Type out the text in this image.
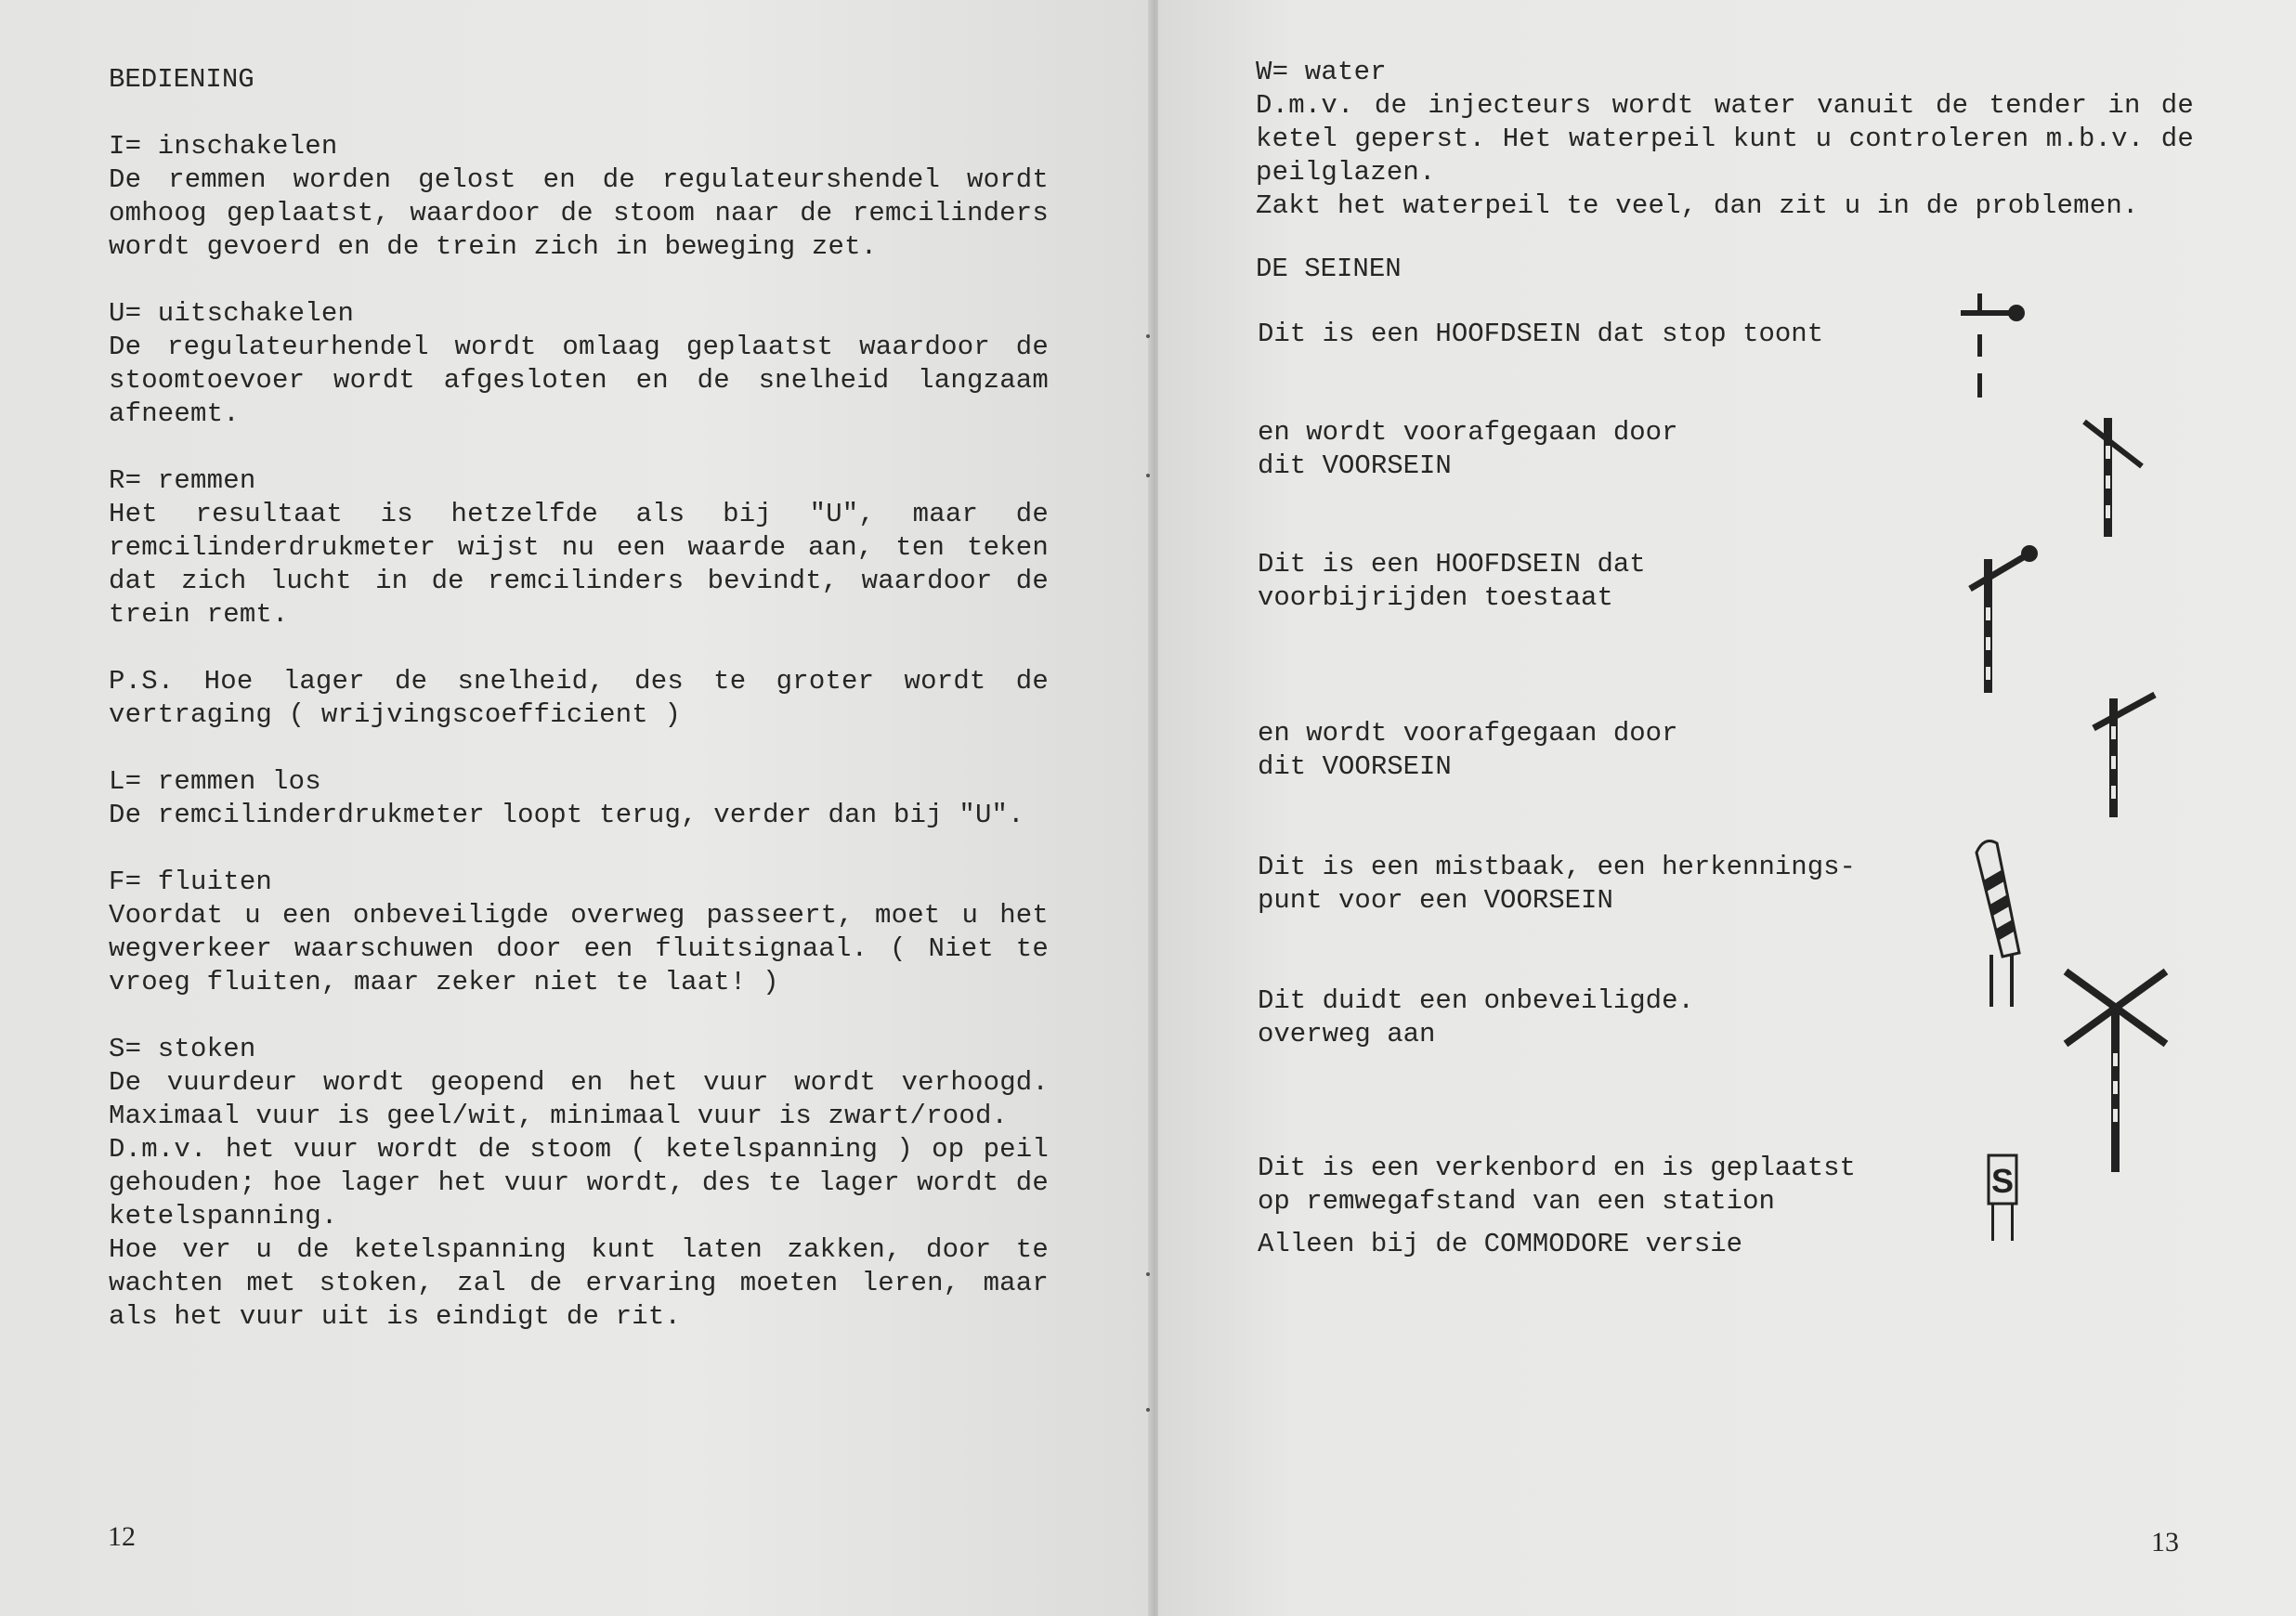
BEDIENING
I= inschakelen
De remmen worden gelost en de regulateurshendel wordt
omhoog geplaatst, waardoor de stoom naar de remcilinders
wordt gevoerd en de trein zich in beweging zet.
U= uitschakelen
De regulateurhendel wordt omlaag geplaatst waardoor de
stoomtoevoer wordt afgesloten en de snelheid langzaam
afneemt.
R= remmen
Het resultaat is hetzelfde als bij "U", maar de
remcilinderdrukmeter wijst nu een waarde aan, ten teken
dat zich lucht in de remcilinders bevindt, waardoor de
trein remt.
P.S. Hoe lager de snelheid, des te groter wordt de
vertraging ( wrijvingscoefficient )
L= remmen los
De remcilinderdrukmeter loopt terug, verder dan bij "U".
F= fluiten
Voordat u een onbeveiligde overweg passeert, moet u het
wegverkeer waarschuwen door een fluitsignaal. ( Niet te
vroeg fluiten, maar zeker niet te laat! )
S= stoken
De vuurdeur wordt geopend en het vuur wordt verhoogd.
Maximaal vuur is geel/wit, minimaal vuur is zwart/rood.
D.m.v. het vuur wordt de stoom ( ketelspanning ) op peil
gehouden; hoe lager het vuur wordt, des te lager wordt de
ketelspanning.
Hoe ver u de ketelspanning kunt laten zakken, door te
wachten met stoken, zal de ervaring moeten leren, maar
als het vuur uit is eindigt de rit.
12	13
W= water
D.m.v. de injecteurs wordt water vanuit de tender in de
ketel geperst. Het waterpeil kunt u controleren m.b.v. de
peilglazen.
Zakt het waterpeil te veel, dan zit u in de problemen.
DE SEINEN
Dit is een HOOFDSEIN dat stop toont
en wordt voorafgegaan door
dit VOORSEIN
Dit is een HOOFDSEIN dat
voorbijrijden toestaat
en wordt voorafgegaan door
dit VOORSEIN
Dit is een mistbaak, een herkennings-
punt voor een VOORSEIN
Dit duidt een onbeveiligde.
overweg aan
Dit is een verkenbord en is geplaatst
op remwegafstand van een station
Alleen bij de COMMODORE versie
S
